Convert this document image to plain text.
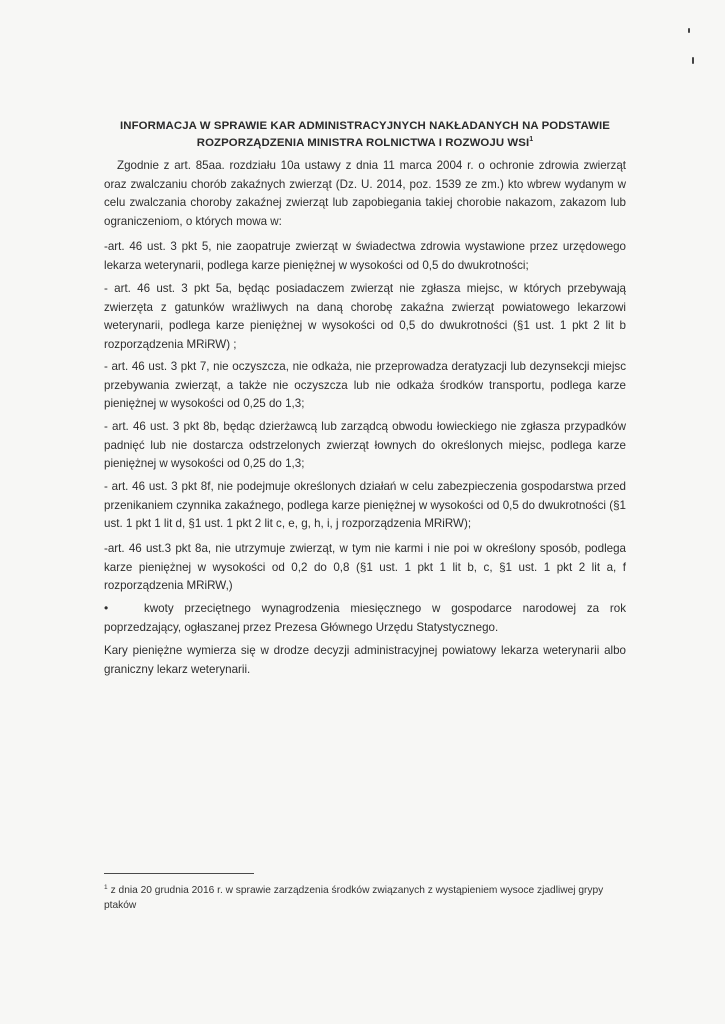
INFORMACJA W SPRAWIE KAR ADMINISTRACYJNYCH NAKŁADANYCH NA PODSTAWIE
ROZPORZĄDZENIA MINISTRA ROLNICTWA I ROZWOJU WSI$^1$

Zgodnie z art. 85aa. rozdziału 10a ustawy z dnia 11 marca 2004 r. o ochronie zdrowia zwierząt oraz zwalczaniu chorób zakaźnych zwierząt (Dz. U. 2014, poz. 1539 ze zm.) kto wbrew wydanym w celu zwalczania choroby zakaźnej zwierząt lub zapobiegania takiej chorobie nakazom, zakazom lub ograniczeniom, o których mowa w:

-art. 46 ust. 3 pkt 5, nie zaopatruje zwierząt w świadectwa zdrowia wystawione przez urzędowego lekarza weterynarii, podlega karze pieniężnej w wysokości od 0,5 do dwukrotności;

- art. 46 ust. 3 pkt 5a, będąc posiadaczem zwierząt nie zgłasza miejsc, w których przebywają zwierzęta z gatunków wrażliwych na daną chorobę zakaźna zwierząt powiatowego lekarzowi weterynarii, podlega karze pieniężnej w wysokości od 0,5 do dwukrotności (§1 ust. 1 pkt 2 lit b rozporządzenia MRiRW) ;

- art. 46 ust. 3 pkt 7, nie oczyszcza, nie odkaża, nie przeprowadza deratyzacji lub dezynsekcji miejsc przebywania zwierząt, a także nie oczyszcza lub nie odkaża środków transportu, podlega karze pieniężnej w wysokości od 0,25 do 1,3;

- art. 46 ust. 3 pkt 8b, będąc dzierżawcą lub zarządcą obwodu łowieckiego nie zgłasza przypadków padnięć lub nie dostarcza odstrzelonych zwierząt łownych do określonych miejsc, podlega karze pieniężnej w wysokości od 0,25 do 1,3;

- art. 46 ust. 3 pkt 8f, nie podejmuje określonych działań w celu zabezpieczenia gospodarstwa przed przenikaniem czynnika zakaźnego, podlega karze pieniężnej w wysokości od 0,5 do dwukrotności (§1 ust. 1 pkt 1 lit d, §1 ust. 1 pkt 2 lit c, e, g, h, i, j rozporządzenia MRiRW);

-art. 46 ust.3 pkt 8a, nie utrzymuje zwierząt, w tym nie karmi i nie poi w określony sposób, podlega karze pieniężnej w wysokości od 0,2 do 0,8 (§1 ust. 1 pkt 1 lit b, c, §1 ust. 1 pkt 2 lit a, f rozporządzenia MRiRW,)

•	kwoty przeciętnego wynagrodzenia miesięcznego w gospodarce narodowej za rok poprzedzający, ogłaszanej przez Prezesa Głównego Urzędu Statystycznego.

Kary pieniężne wymierza się w drodze decyzji administracyjnej powiatowy lekarza weterynarii albo graniczny lekarz weterynarii.

$^1$ z dnia 20 grudnia 2016 r. w sprawie zarządzenia środków związanych z wystąpieniem wysoce zjadliwej grypy ptaków
